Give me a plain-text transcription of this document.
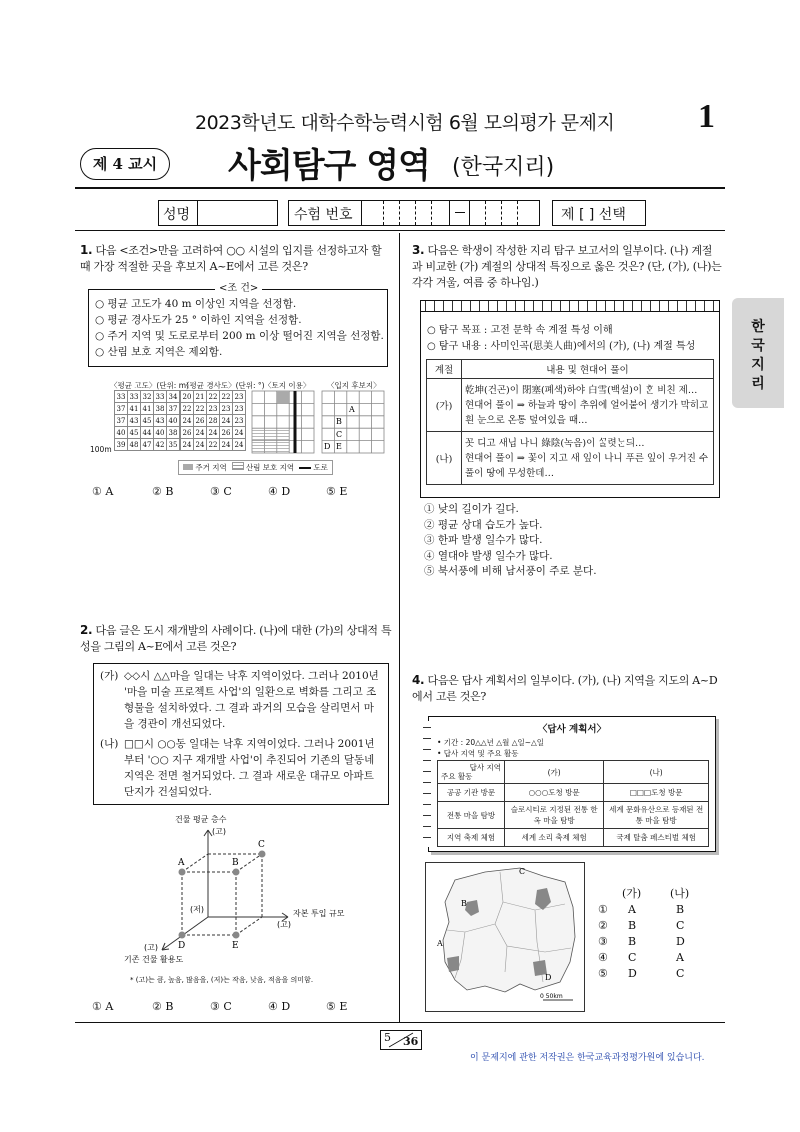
2023학년도 대학수학능력시험 6월 모의평가 문제지 1
제 4 교시	사회탐구 영역 (한국지리)
성명	수험 번호	제 [ ] 선택
한국지리
1. 다음 <조건>만을 고려하여 ○○ 시설의 입지를 선정하고자 할 때 가장 적절한 곳을 후보지 A~E에서 고른 것은?
<조 건>
○ 평균 고도가 40 m 이상인 지역을 선정함.
○ 평균 경사도가 25 ° 이하인 지역을 선정함.
○ 주거 지역 및 도로로부터 200 m 이상 떨어진 지역을 선정함.
○ 산림 보호 지역은 제외함.
〈평균 고도〉(단위: m)
〈평균 경사도〉(단위: °) 〈토지 이용〉 〈입지 후보지〉
33	33	32	33	34
37	41	41	38	37
37	43	45	43	40
40	45	44	40	38
39	48	47	42	35
20	21	22	22	23
22	22	23	23	23
24	26	28	24	23
26	24	24	26	24
24	24	22	24	24
A
B
C
D E
100m
주거 지역	산림 보호 지역	도로
① A	② B	③ C	④ D	⑤ E
2. 다음 글은 도시 재개발의 사례이다. (나)에 대한 (가)의 상대적 특성을 그림의 A~E에서 고른 것은?
(가) ◇◇시 △△마을 일대는 낙후 지역이었다. 그러나 2010년 '마을 미술 프로젝트 사업'의 일환으로 벽화를 그리고 조형물을 설치하였다. 그 결과 과거의 모습을 살리면서 마을 경관이 개선되었다.
(나) □□시 ○○동 일대는 낙후 지역이었다. 그러나 2001년부터 '○○ 지구 재개발 사업'이 추진되어 기존의 달동네 지역은 전면 철거되었다. 그 결과 새로운 대규모 아파트 단지가 건설되었다.
A	B
C
D	E
건물 평균 층수
(고)
자본 투입 규모
(고)
기존 건물 활용도
(고)
(저)
* (고)는 큼, 높음, 많음을, (저)는 작음, 낮음, 적음을 의미함.
① A	② B	③ C	④ D	⑤ E
3. 다음은 학생이 작성한 지리 탐구 보고서의 일부이다. (나) 계절과 비교한 (가) 계절의 상대적 특징으로 옳은 것은? (단, (가), (나)는 각각 겨울, 여름 중 하나임.)
○ 탐구 목표 : 고전 문학 속 계절 특성 이해
○ 탐구 내용 : 사미인곡(思美人曲)에서의 (가), (나) 계절 특성
계절	내용 및 현대어 풀이
(가)	乾坤(건곤)이 閉塞(폐색)하야 白雪(백설)이 ᄒᆞᆫ 비친 제…
현대어 풀이 ⇒ 하늘과 땅이 추위에 얼어붙어 생기가 막히고 흰 눈으로 온통 덮여있을 때…

(나)	꼿 디고 새닙 나니 綠陰(녹음)이 ᄭᆞᆯ렷ᄂᆞᆫ듸…
현대어 풀이 ⇒ 꽃이 지고 새 잎이 나니 푸른 잎이 우거진 수풀이 땅에 무성한데…
① 낮의 길이가 길다.
② 평균 상대 습도가 높다.
③ 한파 발생 일수가 많다.
④ 열대야 발생 일수가 많다.
⑤ 북서풍에 비해 남서풍이 주로 분다.
4. 다음은 답사 계획서의 일부이다. (가), (나) 지역을 지도의 A~D에서 고른 것은?
〈답사 계획서〉
• 기간 : 20△△년 △월 △일~△일
• 답사 지역 및 주요 활동
답사 지역
주요 활동	(가)	(나)
공공 기관 방문	○○○도청 방문	□□□도청 방문
전통 마을 탐방	슬로시티로 지정된 전통 한옥 마을 탐방	세계 문화유산으로 등재된 전통 마을 탐방
지역 축제 체험	세계 소리 축제 체험	국제 탈춤 페스티벌 체험
C
B
A
D
0 50km
(가)	(나)
① A	B
② B	C
③ B	D
④ C	A
⑤ D	C
5 36
이 문제지에 관한 저작권은 한국교육과정평가원에 있습니다.
